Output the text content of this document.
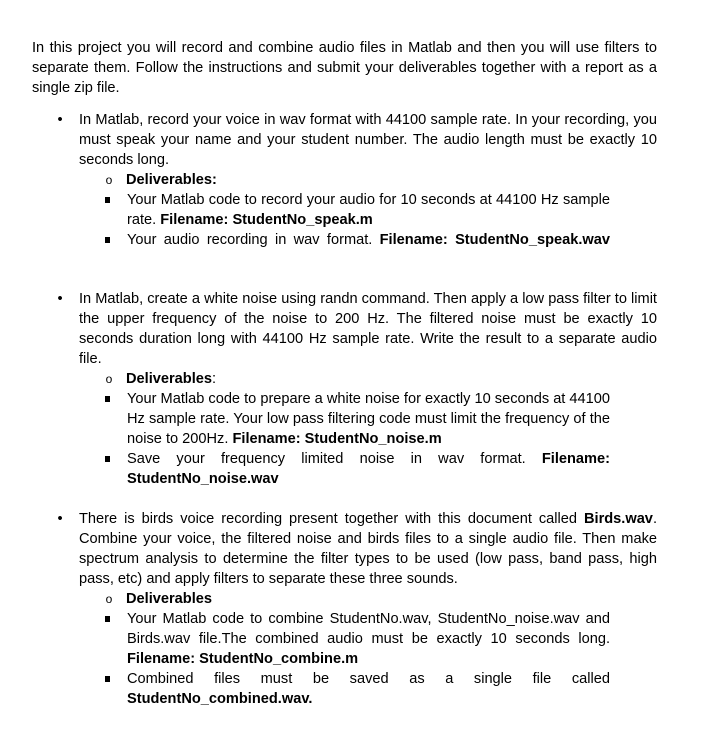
In this project you will record and combine audio files in Matlab and then you will use filters to separate them. Follow the instructions and submit your deliverables together with a report as a single zip file.

• In Matlab, record your voice in wav format with 44100 sample rate. In your recording, you must speak your name and your student number. The audio length must be exactly 10 seconds long.

o Deliverables:
Your Matlab code to record your audio for 10 seconds at 44100 Hz sample rate. Filename: StudentNo_speak.m
Your audio recording in wav format. Filename: StudentNo_speak.wav

• In Matlab, create a white noise using randn command. Then apply a low pass filter to limit the upper frequency of the noise to 200 Hz. The filtered noise must be exactly 10 seconds duration long with 44100 Hz sample rate. Write the result to a separate audio file.

o Deliverables:
Your Matlab code to prepare a white noise for exactly 10 seconds at 44100 Hz sample rate. Your low pass filtering code must limit the frequency of the noise to 200Hz. Filename: StudentNo_noise.m
Save your frequency limited noise in wav format. Filename: StudentNo_noise.wav

• There is birds voice recording present together with this document called Birds.wav. Combine your voice, the filtered noise and birds files to a single audio file. Then make spectrum analysis to determine the filter types to be used (low pass, band pass, high pass, etc) and apply filters to separate these three sounds.

o Deliverables
Your Matlab code to combine StudentNo.wav, StudentNo_noise.wav and Birds.wav file.The combined audio must be exactly 10 seconds long. Filename: StudentNo_combine.m
Combined files must be saved as a single file called StudentNo_combined.wav.
